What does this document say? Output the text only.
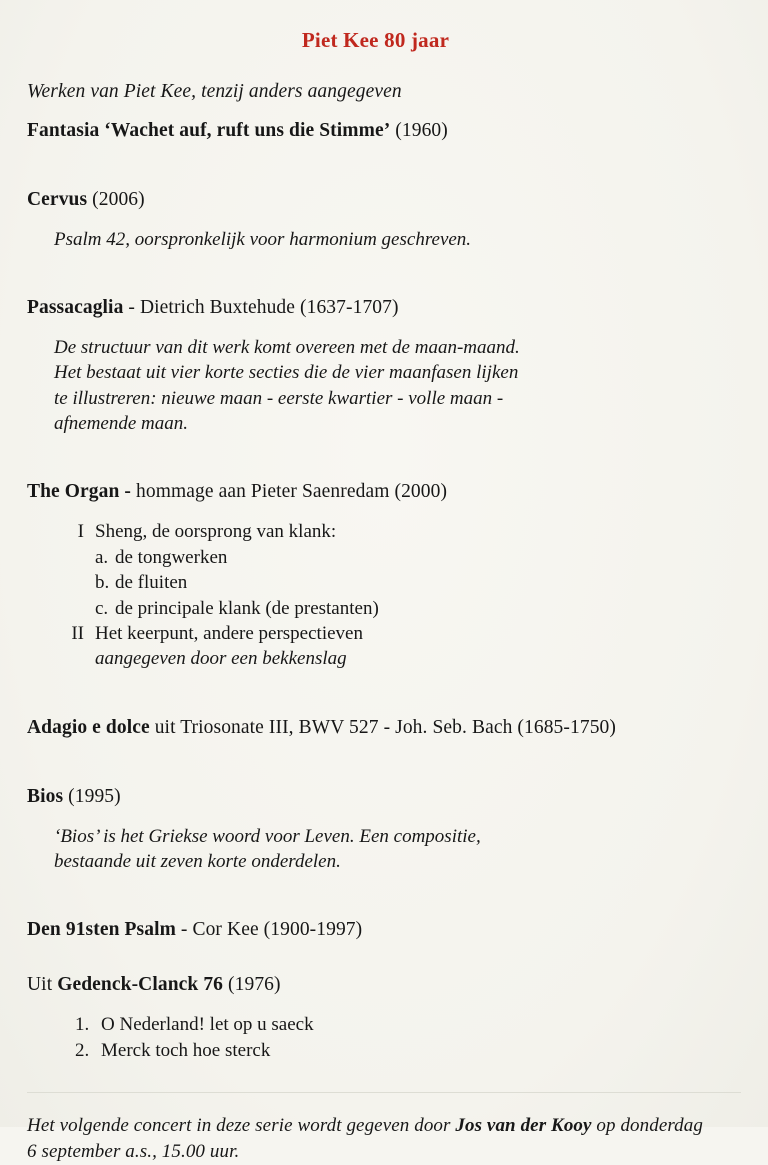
Piet Kee 80 jaar
Werken van Piet Kee, tenzij anders aangegeven
Fantasia ‘Wachet auf, ruft uns die Stimme’ (1960)
Cervus (2006)
Psalm 42, oorspronkelijk voor harmonium geschreven.
Passacaglia - Dietrich Buxtehude (1637-1707)
De structuur van dit werk komt overeen met de maan-maand.
Het bestaat uit vier korte secties die de vier maanfasen lijken
te illustreren: nieuwe maan - eerste kwartier - volle maan -
afnemende maan.
The Organ - hommage aan Pieter Saenredam (2000)
I Sheng, de oorsprong van klank:
a. de tongwerken
b. de fluiten
c. de principale klank (de prestanten)
II Het keerpunt, andere perspectieven
aangegeven door een bekkenslag
Adagio e dolce uit Triosonate III, BWV 527 - Joh. Seb. Bach (1685-1750)
Bios (1995)
‘Bios’ is het Griekse woord voor Leven. Een compositie,
bestaande uit zeven korte onderdelen.
Den 91sten Psalm - Cor Kee (1900-1997)
Uit Gedenck-Clanck 76 (1976)
1. O Nederland! let op u saeck
2. Merck toch hoe sterck
Het volgende concert in deze serie wordt gegeven door Jos van der Kooy op donderdag
6 september a.s., 15.00 uur.
